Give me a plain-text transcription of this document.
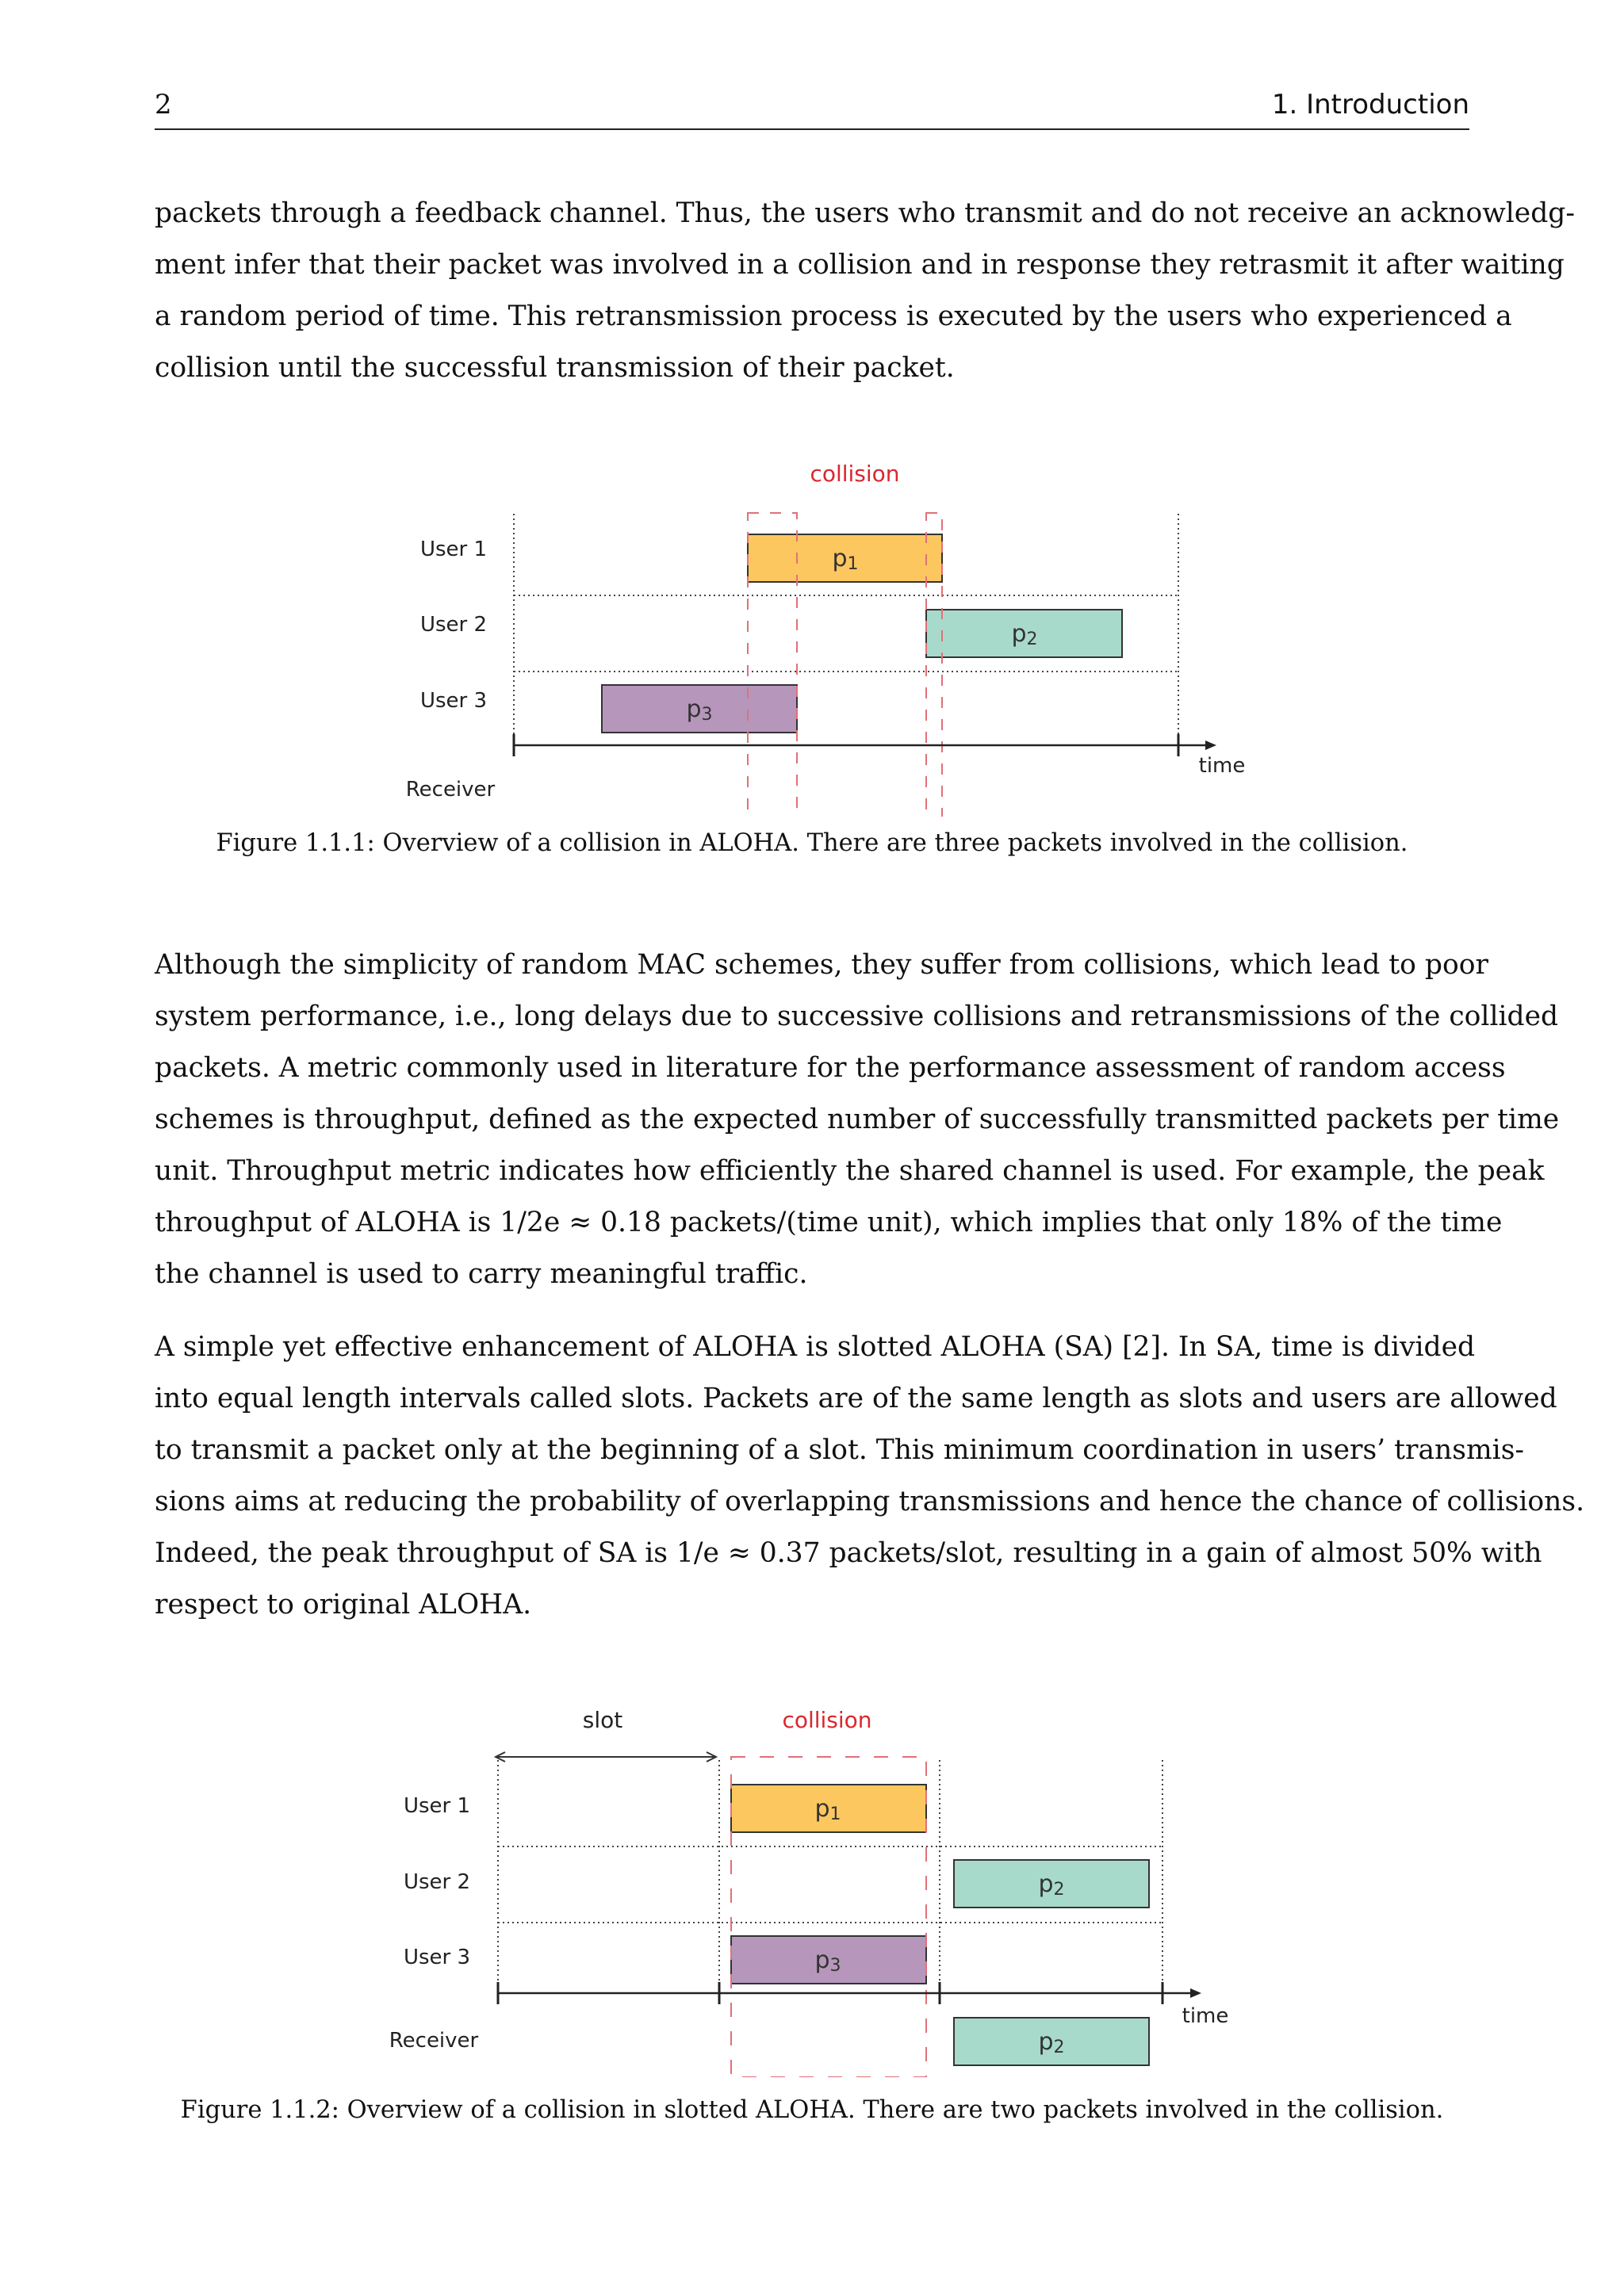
2	1. Introduction
packets through a feedback channel. Thus, the users who transmit and do not receive an acknowledg-
ment infer that their packet was involved in a collision and in response they retrasmit it after waiting
a random period of time. This retransmission process is executed by the users who experienced a
collision until the successful transmission of their packet.
collision
User 1
User 2
User 3
Receiver
p1
p2
p3
time
Figure 1.1.1: Overview of a collision in ALOHA. There are three packets involved in the collision.
Although the simplicity of random MAC schemes, they suffer from collisions, which lead to poor
system performance, i.e., long delays due to successive collisions and retransmissions of the collided
packets. A metric commonly used in literature for the performance assessment of random access
schemes is throughput, defined as the expected number of successfully transmitted packets per time
unit. Throughput metric indicates how efficiently the shared channel is used. For example, the peak
throughput of ALOHA is 1/2e ≈ 0.18 packets/(time unit), which implies that only 18% of the time
the channel is used to carry meaningful traffic.
A simple yet effective enhancement of ALOHA is slotted ALOHA (SA) [2]. In SA, time is divided
into equal length intervals called slots. Packets are of the same length as slots and users are allowed
to transmit a packet only at the beginning of a slot. This minimum coordination in users’ transmis-
sions aims at reducing the probability of overlapping transmissions and hence the chance of collisions.
Indeed, the peak throughput of SA is 1/e ≈ 0.37 packets/slot, resulting in a gain of almost 50% with
respect to original ALOHA.
slot	collision
User 1
User 2
User 3
Receiver
p1
p2
p3
time
p2
Figure 1.1.2: Overview of a collision in slotted ALOHA. There are two packets involved in the collision.
